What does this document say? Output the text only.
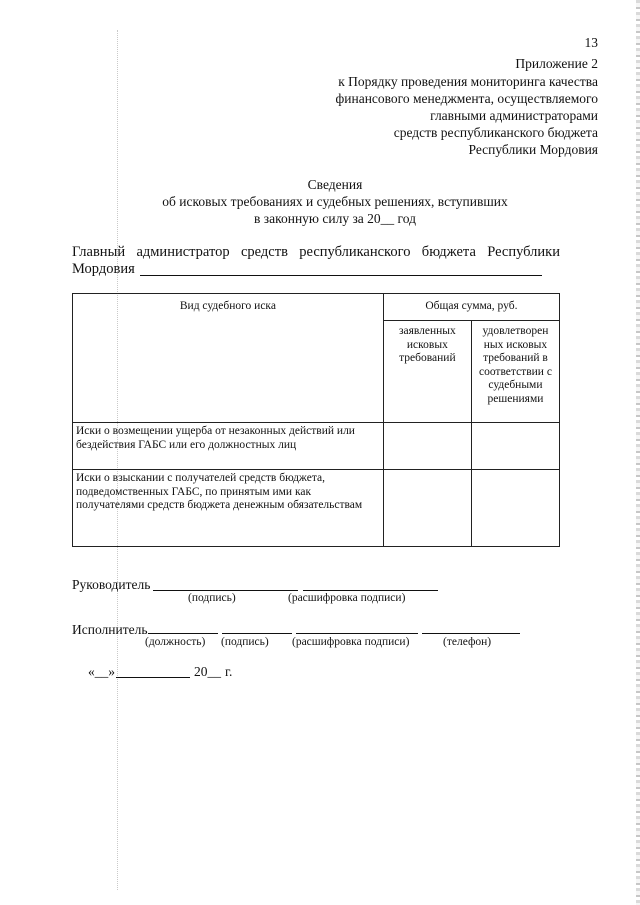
13
Приложение 2
к Порядку проведения мониторинга качества
финансового менеджмента, осуществляемого
главными администраторами
средств республиканского бюджета
Республики Мордовия
Сведения
об исковых требованиях и судебных решениях, вступивших
в законную силу за 20__ год
Главный администратор средств республиканского бюджета Республики
Мордовия
Вид судебного иска	Общая сумма, руб.	
	заявленных исковых требований	удовлетворен ных исковых требований в соответствии с судебными решениями
Иски о возмещении ущерба от незаконных действий или бездействия ГАБС или его должностных лиц		
Иски о взыскании с получателей средств бюджета, подведомственных ГАБС, по принятым ими как получателями средств бюджета денежным обязательствам		
Руководитель
(подпись)	(расшифровка подписи)
Исполнитель
(должность) (подпись) (расшифровка подписи)	(телефон)
«__»	20__ г.
